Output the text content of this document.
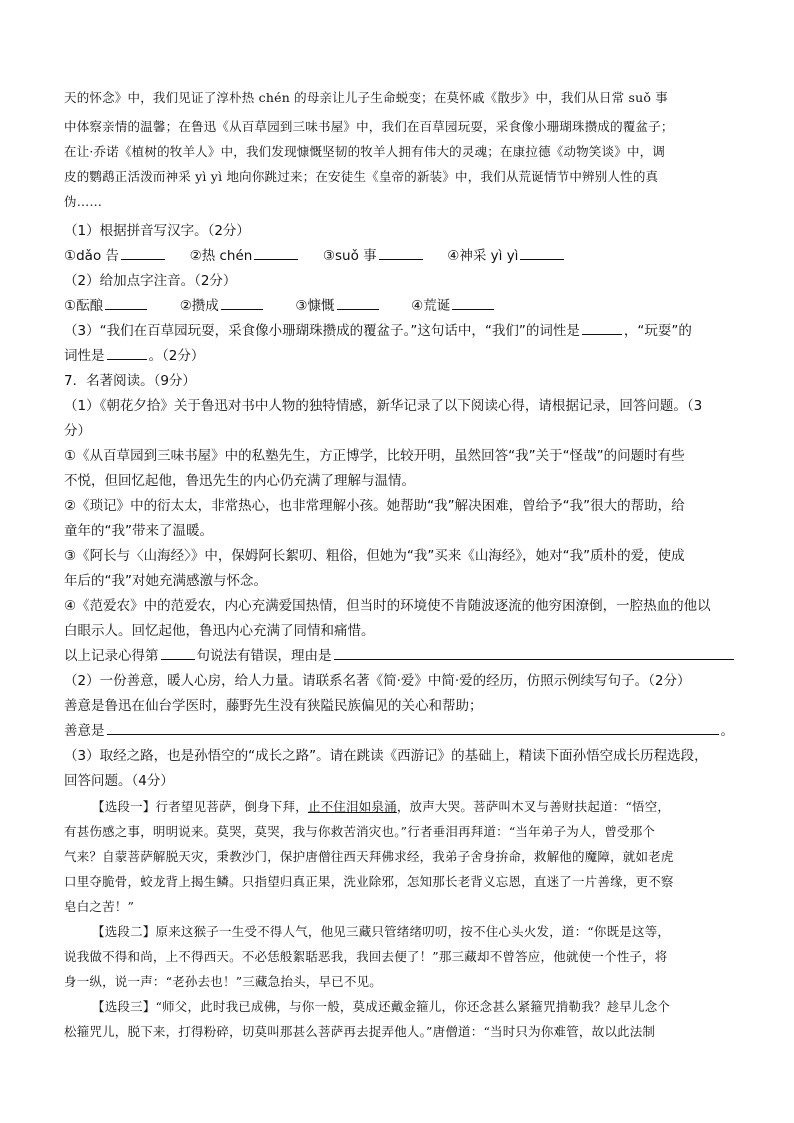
天的怀念》中，我们见证了淳朴热 chén 的母亲让儿子生命蜕变；在莫怀戚《散步》中，我们从日常 suǒ 事
中体察亲情的温馨；在鲁迅《从百草园到三味书屋》中，我们在百草园玩耍，采食像小珊瑚珠攒成的覆盆子；
在让·乔诺《植树的牧羊人》中，我们发现慷慨坚韧的牧羊人拥有伟大的灵魂；在康拉德《动物笑谈》中，调
皮的鹦鹉正活泼而神采 yì yì 地向你跳过来；在安徒生《皇帝的新装》中，我们从荒诞情节中辨别人性的真
伪……
（1）根据拼音写汉字。（2分）
①dǎo 告	②热 chén	③suǒ 事	④神采 yì yì
（2）给加点字注音。（2分）
①酝酿	②攒成	③慷慨	④荒诞
（3）“我们在百草园玩耍，采食像小珊瑚珠攒成的覆盆子。”这句话中，“我们”的词性是	，“玩耍”的
词性是	。（2分）
7．名著阅读。（9分）
（1）《朝花夕拾》关于鲁迅对书中人物的独特情感，新华记录了以下阅读心得，请根据记录，回答问题。（3
分）
①《从百草园到三味书屋》中的私塾先生，方正博学，比较开明，虽然回答“我”关于“怪哉”的问题时有些
不悦，但回忆起他，鲁迅先生的内心仍充满了理解与温情。
②《琐记》中的衍太太，非常热心，也非常理解小孩。她帮助“我”解决困难，曾给予“我”很大的帮助，给
童年的“我”带来了温暖。
③《阿长与〈山海经〉》中，保姆阿长絮叨、粗俗，但她为“我”买来《山海经》，她对“我”质朴的爱，使成
年后的“我”对她充满感激与怀念。
④《范爱农》中的范爱农，内心充满爱国热情，但当时的环境使不肯随波逐流的他穷困潦倒，一腔热血的他以
白眼示人。回忆起他，鲁迅内心充满了同情和痛惜。
以上记录心得第	句说法有错误，理由是
（2）一份善意，暖人心房，给人力量。请联系名著《简·爱》中简·爱的经历，仿照示例续写句子。（2分）
善意是鲁迅在仙台学医时，藤野先生没有狭隘民族偏见的关心和帮助；
善意是	。
（3）取经之路，也是孙悟空的“成长之路”。请在跳读《西游记》的基础上，精读下面孙悟空成长历程选段，
回答问题。（4分）
【选段一】行者望见菩萨，倒身下拜，止不住泪如泉涌，放声大哭。菩萨叫木叉与善财扶起道：“悟空，
有甚伤感之事，明明说来。莫哭，莫哭，我与你救苦消灾也。”行者垂泪再拜道：“当年弟子为人，曾受那个
气来？自蒙菩萨解脱天灾，秉教沙门，保护唐僧往西天拜佛求经，我弟子舍身拚命，救解他的魔障，就如老虎
口里夺脆骨，蛟龙背上揭生鳞。只指望归真正果，洗业除邪，怎知那长老背义忘恩，直迷了一片善缘，更不察
皂白之苦！”
【选段二】原来这猴子一生受不得人气，他见三藏只管绪绪叨叨，按不住心头火发，道：“你既是这等，
说我做不得和尚，上不得西天。不必恁般絮聒恶我，我回去便了！”那三藏却不曾答应，他就使一个性子，将
身一纵，说一声：“老孙去也！”三藏急抬头，早已不见。
【选段三】“师父，此时我已成佛，与你一般，莫成还戴金箍儿，你还念甚么紧箍咒掯勒我？趁早儿念个
松箍咒儿，脱下来，打得粉碎，切莫叫那甚么菩萨再去捉弄他人。”唐僧道：“当时只为你难管，故以此法制
